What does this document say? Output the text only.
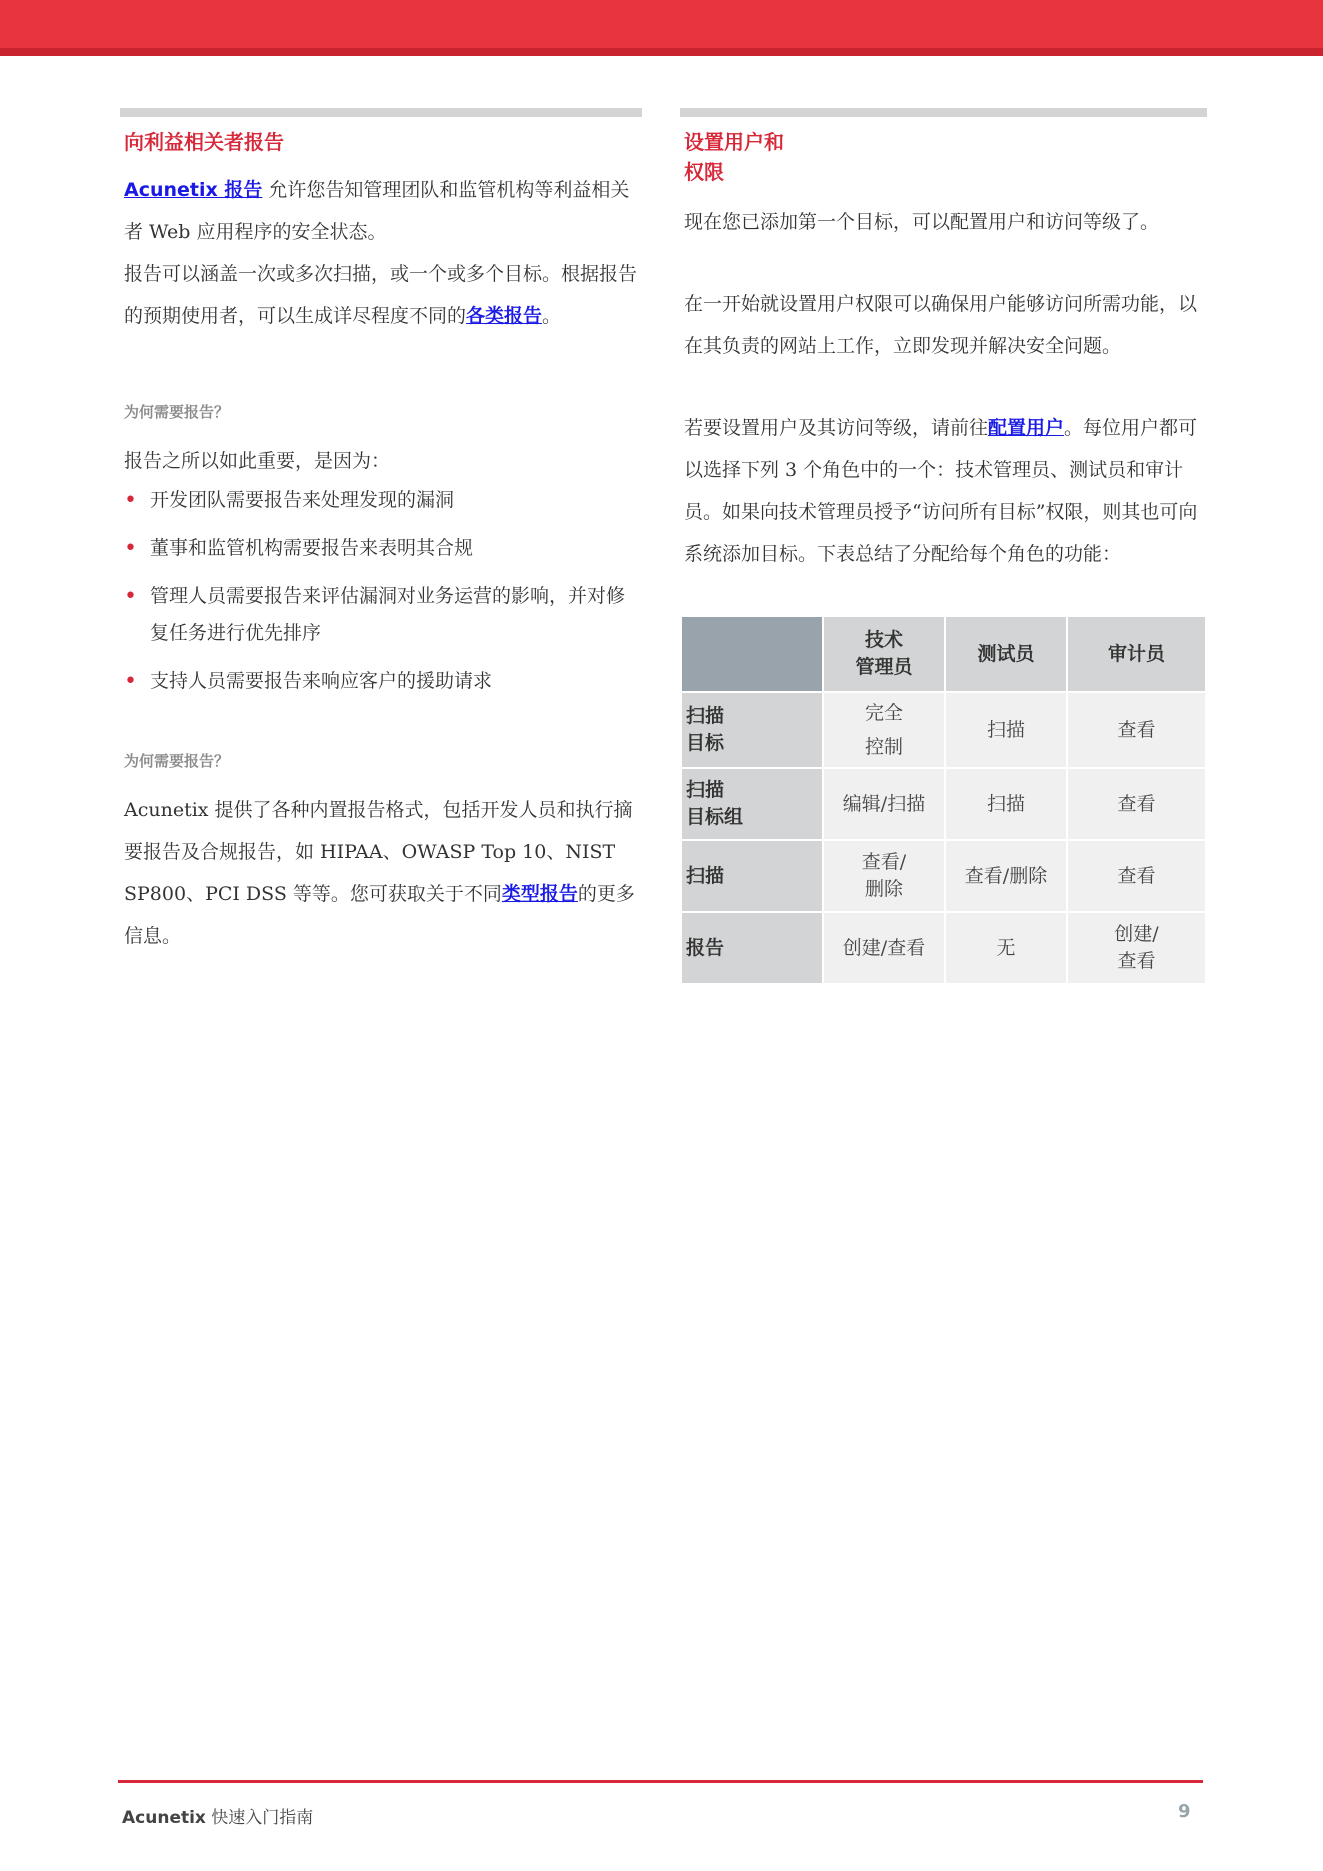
向利益相关者报告

Acunetix 报告 允许您告知管理团队和监管机构等利益相关者 Web 应用程序的安全状态。

报告可以涵盖一次或多次扫描，或一个或多个目标。根据报告的预期使用者，可以生成详尽程度不同的各类报告。

为何需要报告？

报告之所以如此重要，是因为：

• 开发团队需要报告来处理发现的漏洞
• 董事和监管机构需要报告来表明其合规
• 管理人员需要报告来评估漏洞对业务运营的影响，并对修复任务进行优先排序
• 支持人员需要报告来响应客户的援助请求
为何需要报告？

Acunetix 提供了各种内置报告格式，包括开发人员和执行摘要报告及合规报告，如 HIPAA、OWASP Top 10、NIST SP800、PCI DSS 等等。您可获取关于不同类型报告的更多信息。

设置用户和
权限

现在您已添加第一个目标，可以配置用户和访问等级了。

在一开始就设置用户权限可以确保用户能够访问所需功能，以在其负责的网站上工作，立即发现并解决安全问题。

若要设置用户及其访问等级，请前往配置用户。每位用户都可以选择下列 3 个角色中的一个：技术管理员、测试员和审计员。如果向技术管理员授予“访问所有目标”权限，则其也可向系统添加目标。下表总结了分配给每个角色的功能：

	技术
管理员	测试员	审计员
扫描
目标	完全
控制	扫描	查看
扫描
目标组	编辑/扫描	扫描	查看
扫描	查看/
删除	查看/删除	查看
报告	创建/查看	无	创建/
查看
Acunetix 快速入门指南	9
